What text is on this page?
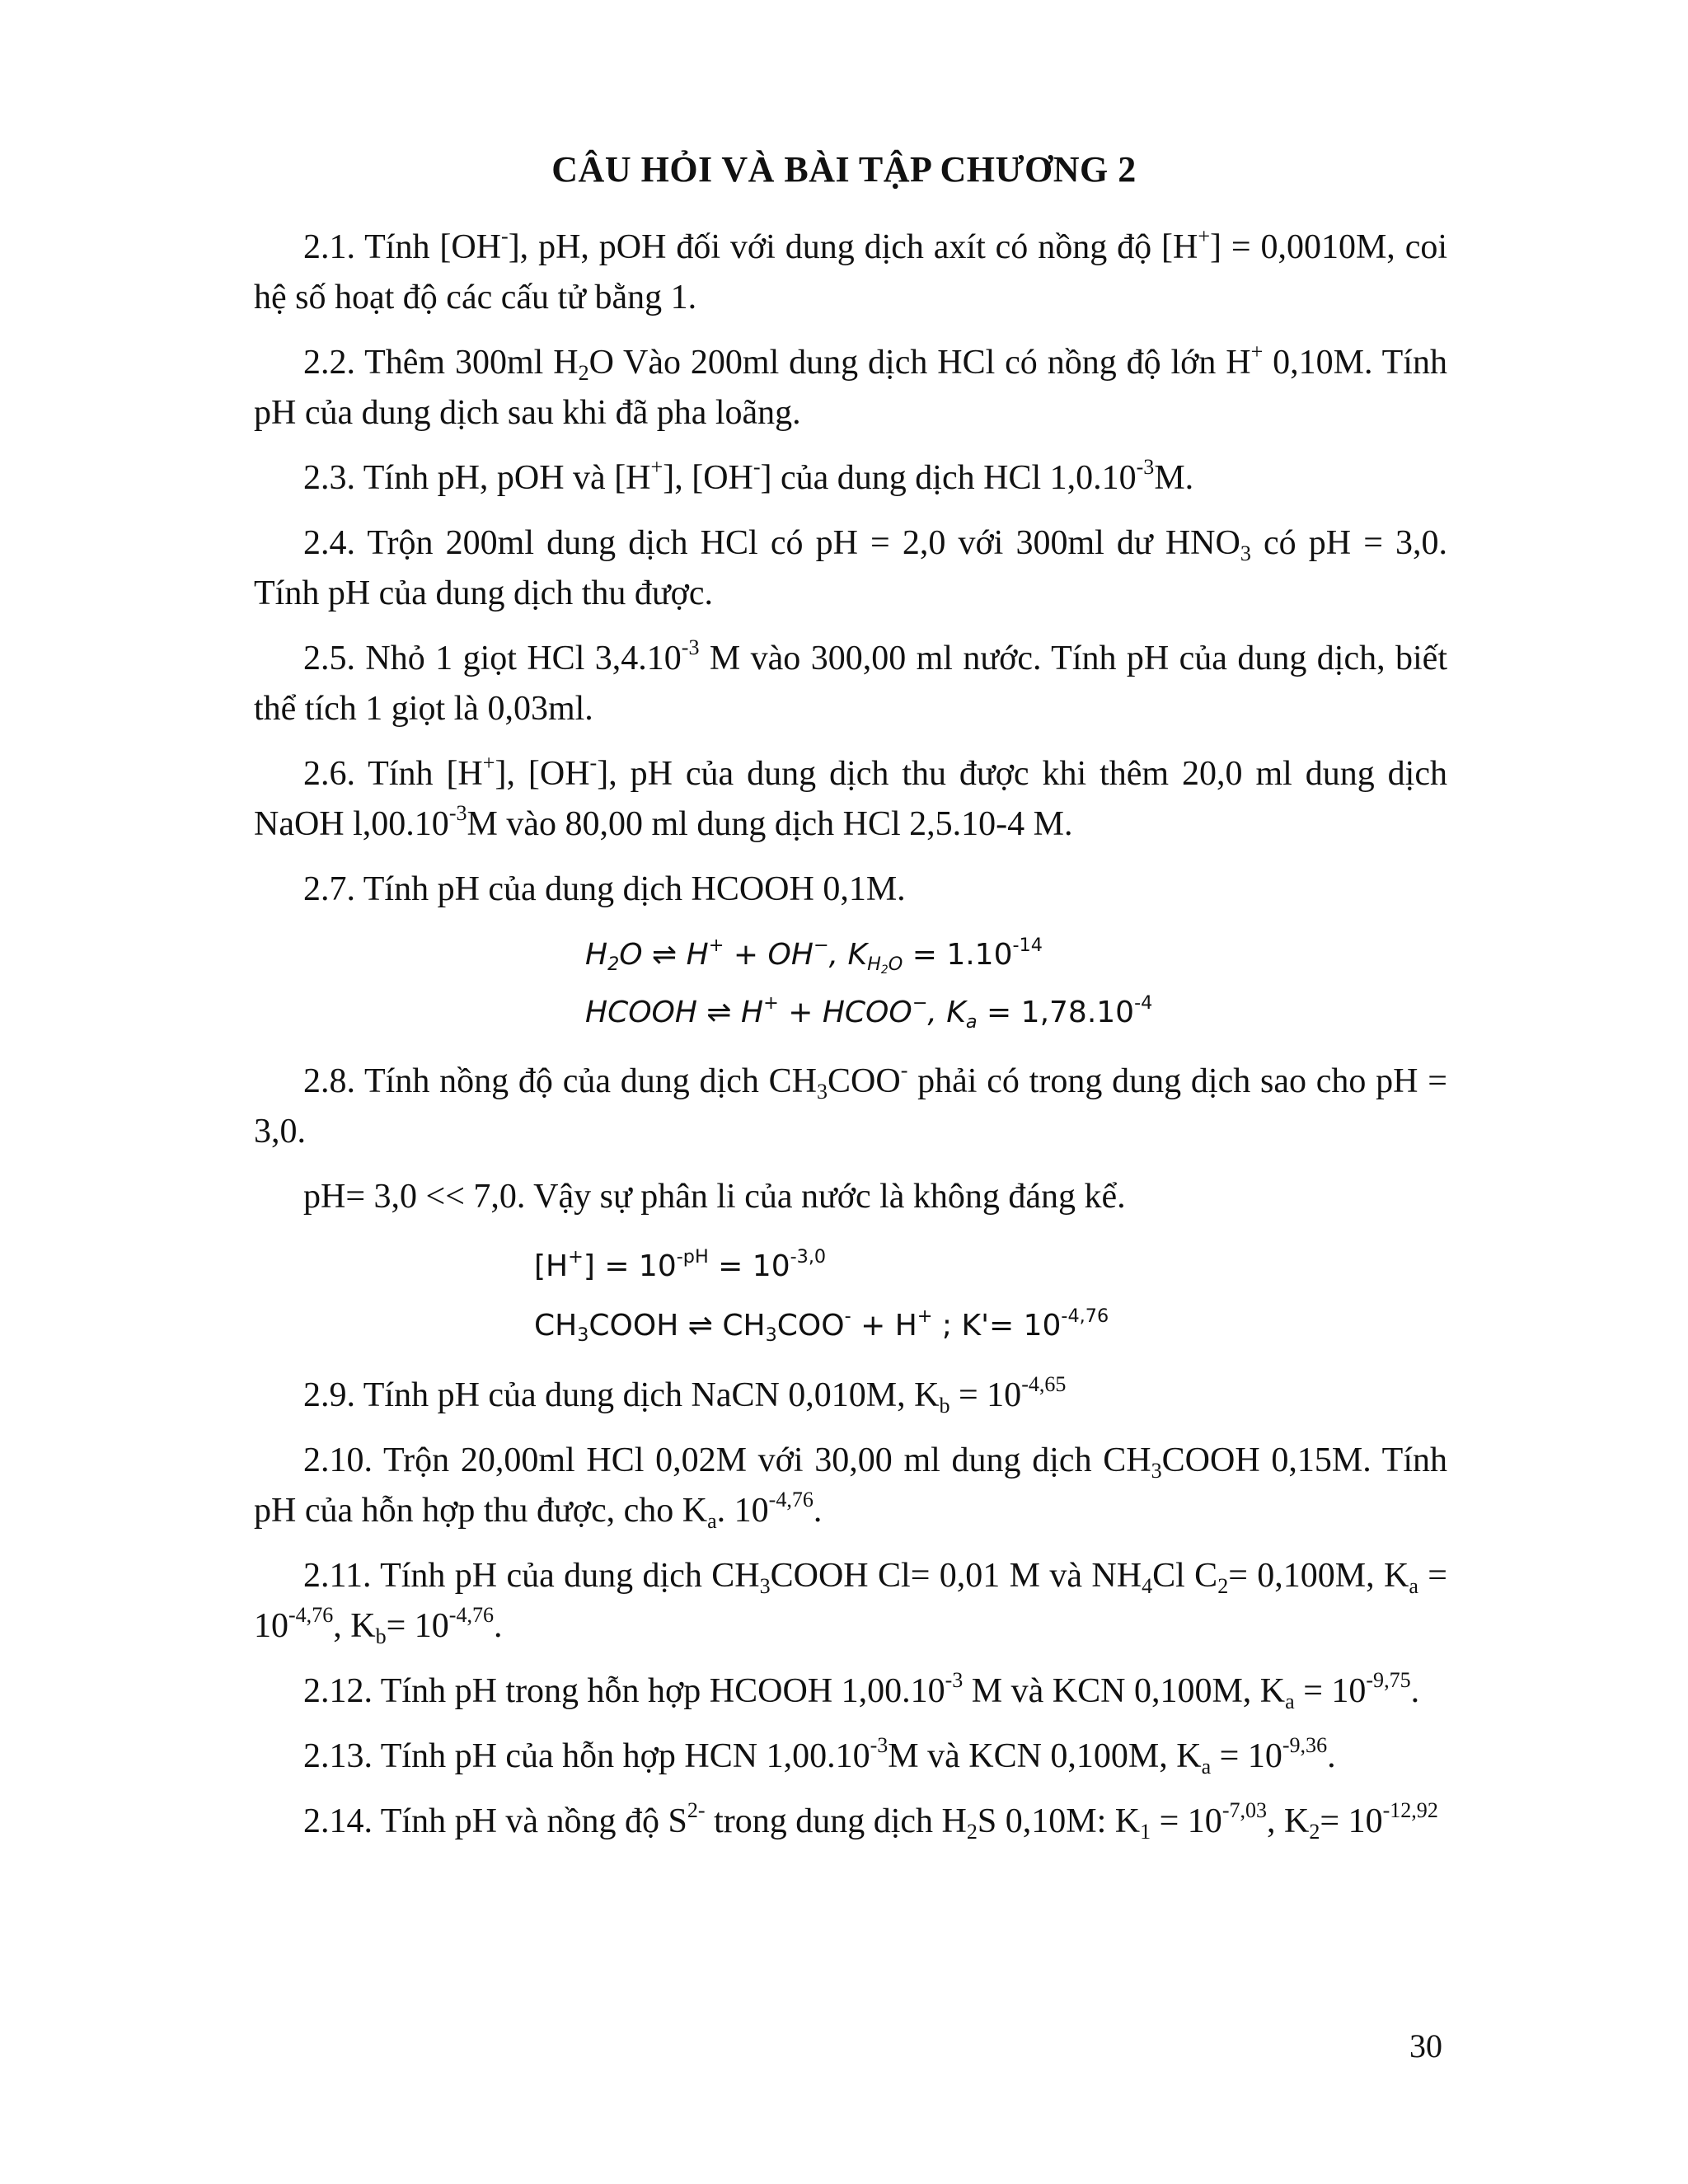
CÂU HỎI VÀ BÀI TẬP CHƯƠNG 2

2.1. Tính [OH-], pH, pOH đối với dung dịch axít có nồng độ [H+] = 0,0010M, coi hệ số hoạt độ các cấu tử bằng 1.

2.2. Thêm 300ml $H_2O$ Vào 200ml dung dịch HCl có nồng độ lớn H+ 0,10M. Tính pH của dung dịch sau khi đã pha loãng.

2.3. Tính pH, pOH và [H+], [OH-] của dung dịch HCl $1,0.10^{-3}M$.

2.4. Trộn 200ml dung dịch HCl có pH = 2,0 với 300ml dư $HNO_3$ có pH = 3,0. Tính pH của dung dịch thu được.

2.5. Nhỏ 1 giọt HCl $3,4.10^{-3}$ M vào 300,00 ml nước. Tính pH của dung dịch, biết thể tích 1 giọt là 0,03ml.

2.6. Tính [H+], [OH-], pH của dung dịch thu được khi thêm 20,0 ml dung dịch NaOH $l,00.10^{-3}M$ vào 80,00 ml dung dịch HCl 2,5.10-4 M.

2.7. Tính pH của dung dịch HCOOH 0,1M.

$H_2O$ ⇌ H+ + OH−, $K_{H_2O} = 1.10^{-14}$
HCOOH ⇌ H+ + HCOO−, $K_a = 1,78.10^{-4}$

2.8. Tính nồng độ của dung dịch $CH_3COO^-$ phải có trong dung dịch sao cho pH = 3,0.

pH= 3,0 << 7,0. Vậy sự phân li của nước là không đáng kể.

$[H^+] = 10^{-pH} = 10^{-3,0}$
$CH_3COOH$ ⇌ $CH_3COO^- + H^+$ ; $K'= 10^{-4,76}$

2.9. Tính pH của dung dịch NaCN 0,010M, $K_b = 10^{-4,65}$

2.10. Trộn 20,00ml HCl 0,02M với 30,00 ml dung dịch $CH_3COOH$ 0,15M. Tính pH của hỗn hợp thu được, cho $K_a$. $10^{-4,76}$.

2.11. Tính pH của dung dịch $CH_3COOH$ Cl= 0,01 M và $NH_4Cl$ $C_2= 0,100M$, $K_a = 10^{-4,76}$, $K_b= 10^{-4,76}$.

2.12. Tính pH trong hỗn hợp HCOOH $1,00.10^{-3}$ M và KCN 0,100M, $K_a = 10^{-9,75}$.

2.13. Tính pH của hỗn hợp HCN $1,00.10^{-3}M$ và KCN 0,100M, $K_a = 10^{-9,36}$.

2.14. Tính pH và nồng độ $S^{2-}$ trong dung dịch $H_2S$ 0,10M: $K_1 = 10^{-7,03}$, $K_2= 10^{-12,92}$

30
